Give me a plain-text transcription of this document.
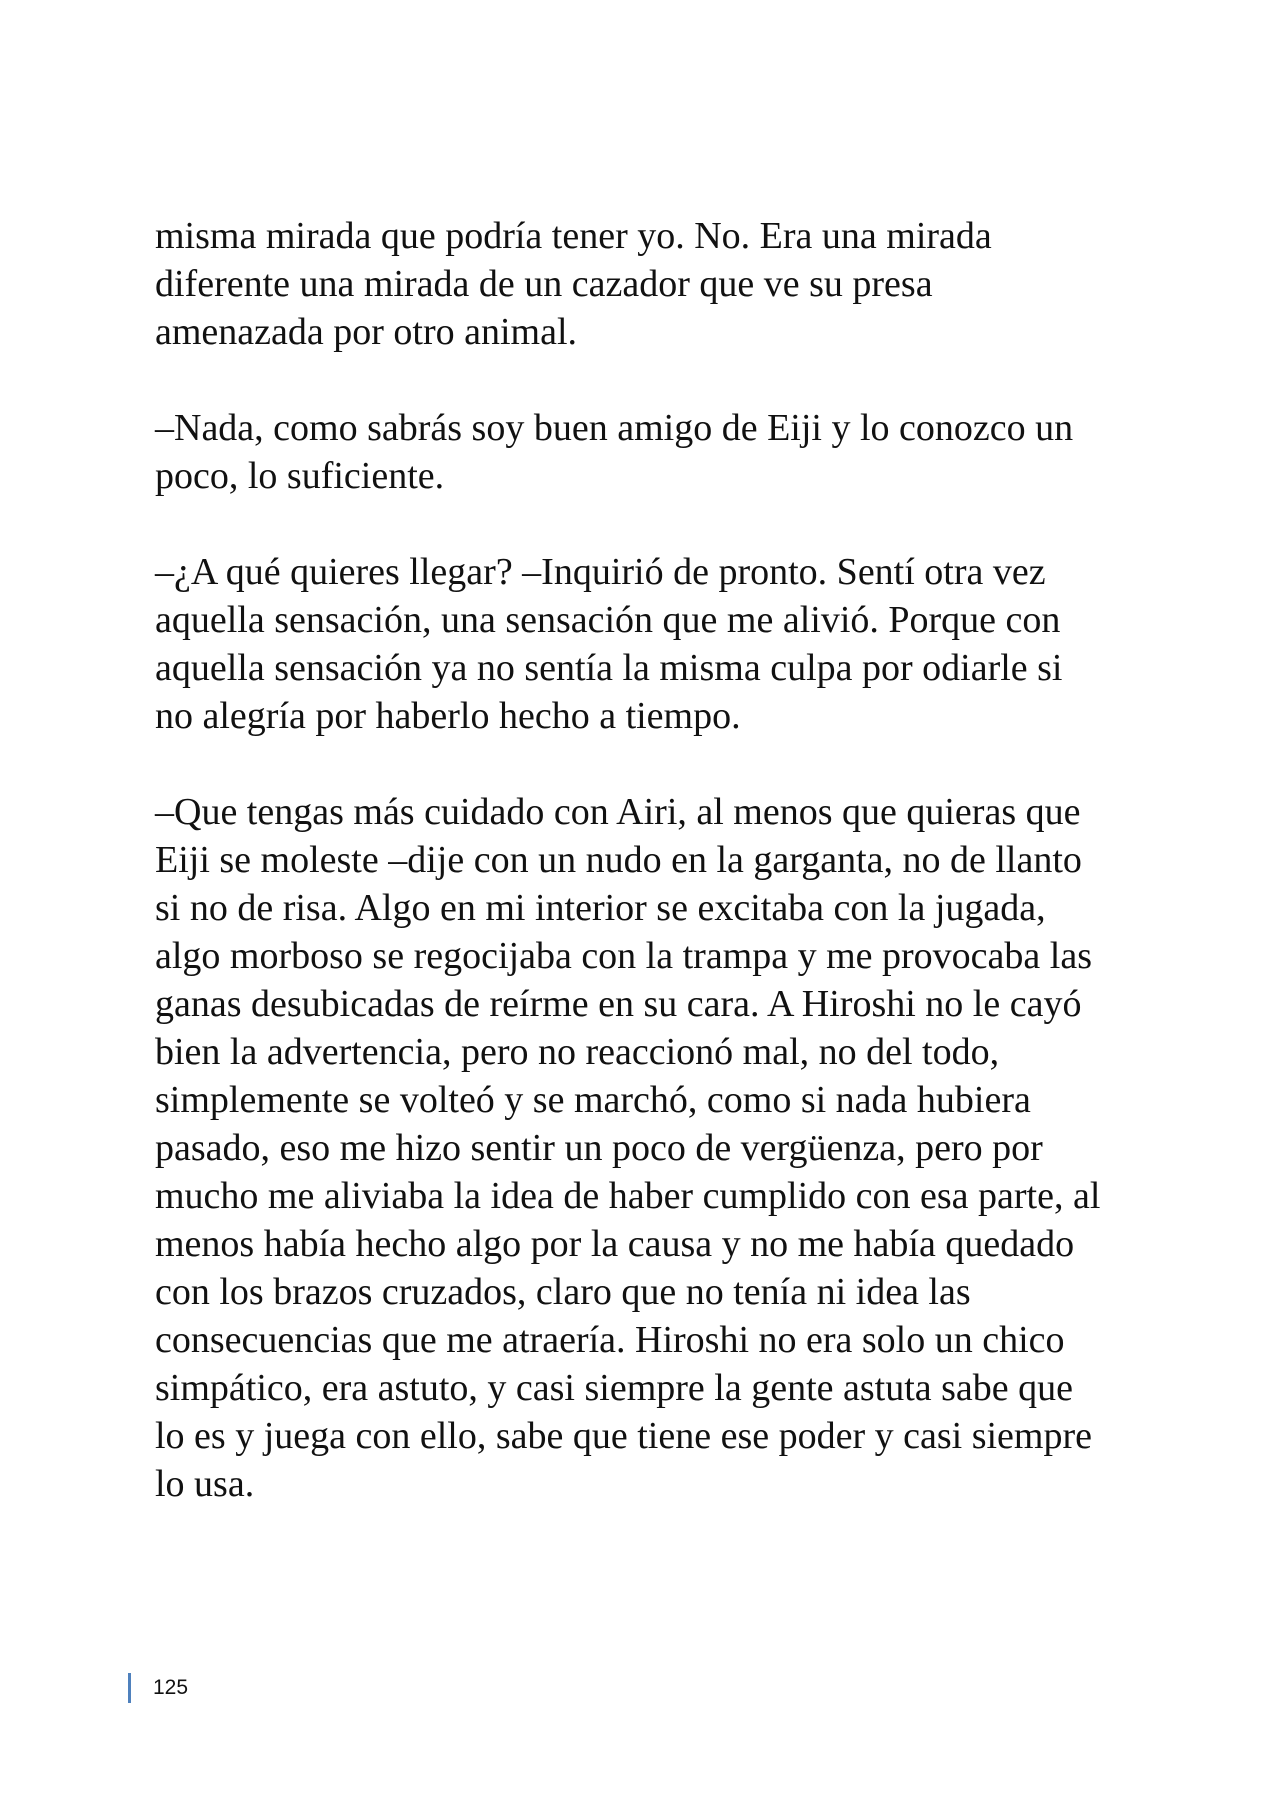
misma mirada que podría tener yo. No. Era una mirada
diferente una mirada de un cazador que ve su presa
amenazada por otro animal.

–Nada, como sabrás soy buen amigo de Eiji y lo conozco un
poco, lo suficiente.

–¿A qué quieres llegar? –Inquirió de pronto. Sentí otra vez
aquella sensación, una sensación que me alivió. Porque con
aquella sensación ya no sentía la misma culpa por odiarle si
no alegría por haberlo hecho a tiempo.

–Que tengas más cuidado con Airi, al menos que quieras que
Eiji se moleste –dije con un nudo en la garganta, no de llanto
si no de risa. Algo en mi interior se excitaba con la jugada,
algo morboso se regocijaba con la trampa y me provocaba las
ganas desubicadas de reírme en su cara. A Hiroshi no le cayó
bien la advertencia, pero no reaccionó mal, no del todo,
simplemente se volteó y se marchó, como si nada hubiera
pasado, eso me hizo sentir un poco de vergüenza, pero por
mucho me aliviaba la idea de haber cumplido con esa parte, al
menos había hecho algo por la causa y no me había quedado
con los brazos cruzados, claro que no tenía ni idea las
consecuencias que me atraería. Hiroshi no era solo un chico
simpático, era astuto, y casi siempre la gente astuta sabe que
lo es y juega con ello, sabe que tiene ese poder y casi siempre
lo usa.

125
